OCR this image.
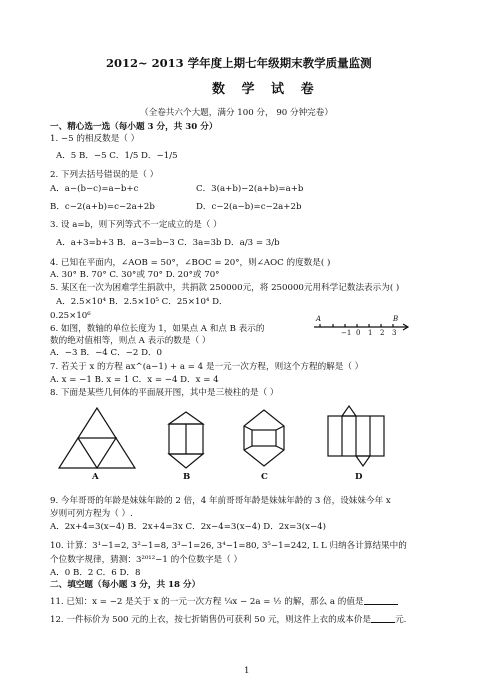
2012~ 2013 学年度上期七年级期末教学质量监测
数 学 试 卷
（全卷共六个大题，满分 100 分， 90 分钟完卷）
一、精心选一选（每小题 3 分，共 30 分）
1. −5 的相反数是（ ）
A．5 B．−5 C．1/5 D．−1/5
2. 下列去括号错误的是（ ）
A．a−(b−c)=a−b+c	C．3(a+b)−2(a+b)=a+b
B．c−2(a+b)=c−2a+2b	D．c−2(a−b)=c−2a+2b
3. 设 a=b，则下列等式不一定成立的是（ ）
A．a+3=b+3 B．a−3=b−3 C．3a=3b D．a/3 = 3/b
4. 已知在平面内，∠AOB = 50°，∠BOC = 20°，则∠AOC 的度数是( )
A. 30° B. 70° C. 30°或 70° D. 20°或 70°
5. 某区在一次为困难学生捐款中，共捐款 250000元，将 250000元用科学记数法表示为( )
A．2.5×10⁴ B．2.5×10⁵ C．25×10⁴ D．
0.25×10⁶
6. 如图，数轴的单位长度为 1，如果点 A 和点 B 表示的
数的绝对值相等，则点 A 表示的数是（ ）
A．−3 B．−4 C．−2 D．0
A	B
−1 0 1 2 3
7. 若关于 x 的方程 ax^(a−1) + a = 4 是一元一次方程，则这个方程的解是（ ）
A. x = −1 B. x = 1 C．x = −4 D．x = 4
8. 下面是某些几何体的平面展开图，其中是三棱柱的是（ ）
A	B	C	D
9. 今年哥哥的年龄是妹妹年龄的 2 倍，4 年前哥哥年龄是妹妹年龄的 3 倍，设妹妹今年 x
岁则可列方程为（ ）.
A．2x+4=3(x−4) B．2x+4=3x C．2x−4=3(x−4) D．2x=3(x−4)
10. 计算：3¹−1=2, 3²−1=8, 3³−1=26, 3⁴−1=80, 3⁵−1=242, L L 归纳各计算结果中的
个位数字规律，猜测：3²⁰¹²−1 的个位数字是（ ）
A．0 B．2 C．6 D．8
二、填空题（每小题 3 分，共 18 分）
11. 已知：x = −2 是关于 x 的一元一次方程 ¼x − 2a = ½ 的解，那么 a 的值是
12. 一件标价为 500 元的上衣，按七折销售仍可获利 50 元，则这件上衣的成本价是	元.
1
